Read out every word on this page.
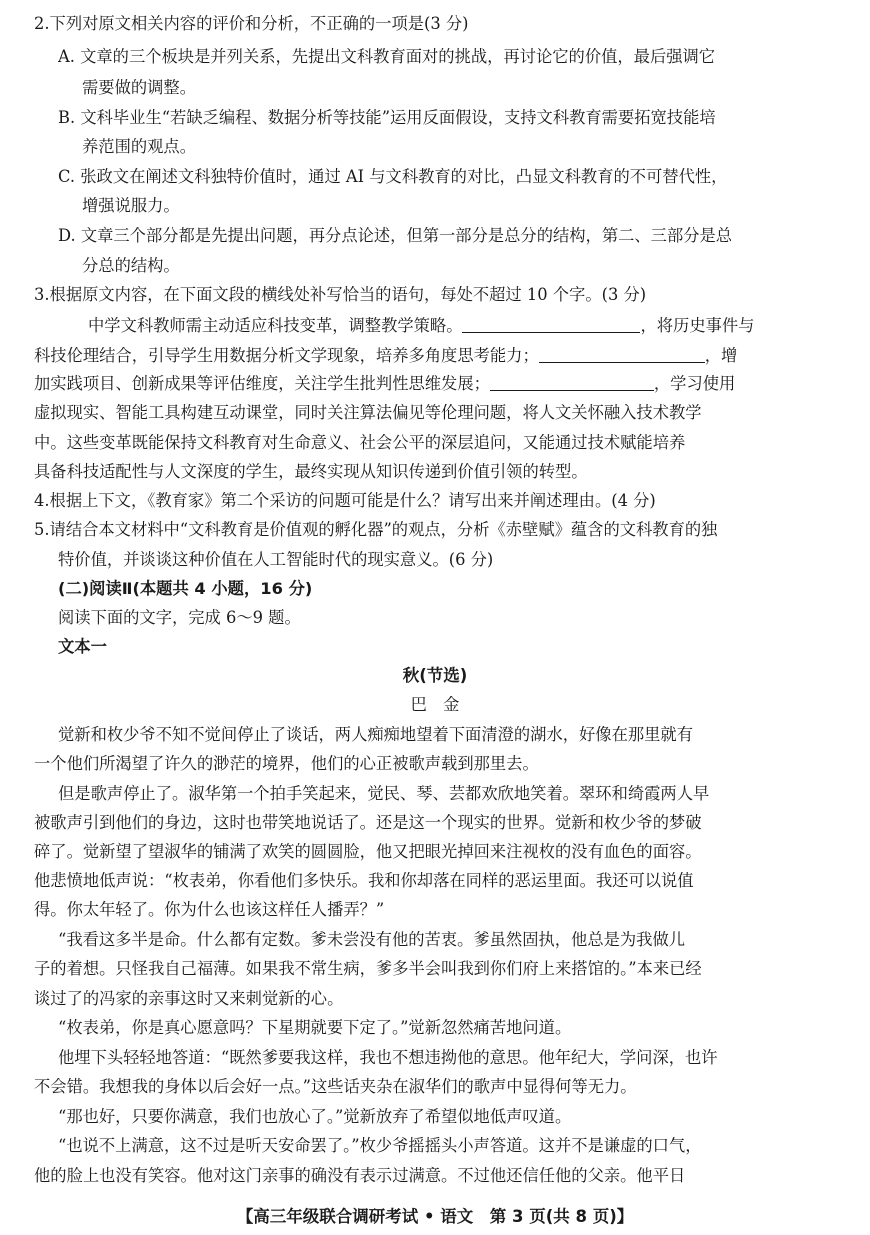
2.下列对原文相关内容的评价和分析，不正确的一项是(3 分)
A. 文章的三个板块是并列关系，先提出文科教育面对的挑战，再讨论它的价值，最后强调它
需要做的调整。
B. 文科毕业生“若缺乏编程、数据分析等技能”运用反面假设，支持文科教育需要拓宽技能培
养范围的观点。
C. 张政文在阐述文科独特价值时，通过 AI 与文科教育的对比，凸显文科教育的不可替代性，
增强说服力。
D. 文章三个部分都是先提出问题，再分点论述，但第一部分是总分的结构，第二、三部分是总
分总的结构。
3.根据原文内容，在下面文段的横线处补写恰当的语句，每处不超过 10 个字。(3 分)
中学文科教师需主动适应科技变革，调整教学策略。	，将历史事件与
科技伦理结合，引导学生用数据分析文学现象，培养多角度思考能力；	，增
加实践项目、创新成果等评估维度，关注学生批判性思维发展；	，学习使用
虚拟现实、智能工具构建互动课堂，同时关注算法偏见等伦理问题，将人文关怀融入技术教学
中。这些变革既能保持文科教育对生命意义、社会公平的深层追问，又能通过技术赋能培养
具备科技适配性与人文深度的学生，最终实现从知识传递到价值引领的转型。
4.根据上下文，《教育家》第二个采访的问题可能是什么？请写出来并阐述理由。(4 分)
5.请结合本文材料中“文科教育是价值观的孵化器”的观点，分析《赤壁赋》蕴含的文科教育的独
特价值，并谈谈这种价值在人工智能时代的现实意义。(6 分)
(二)阅读Ⅱ(本题共 4 小题，16 分)
阅读下面的文字，完成 6～9 题。
文本一
秋(节选)
巴　金
觉新和枚少爷不知不觉间停止了谈话，两人痴痴地望着下面清澄的湖水，好像在那里就有
一个他们所渴望了许久的渺茫的境界，他们的心正被歌声载到那里去。
但是歌声停止了。淑华第一个拍手笑起来，觉民、琴、芸都欢欣地笑着。翠环和绮霞两人早
被歌声引到他们的身边，这时也带笑地说话了。还是这一个现实的世界。觉新和枚少爷的梦破
碎了。觉新望了望淑华的铺满了欢笑的圆圆脸，他又把眼光掉回来注视枚的没有血色的面容。
他悲愤地低声说：“枚表弟，你看他们多快乐。我和你却落在同样的恶运里面。我还可以说值
得。你太年轻了。你为什么也该这样任人播弄？”
“我看这多半是命。什么都有定数。爹未尝没有他的苦衷。爹虽然固执，他总是为我做儿
子的着想。只怪我自己福薄。如果我不常生病，爹多半会叫我到你们府上来搭馆的。”本来已经
谈过了的冯家的亲事这时又来刺觉新的心。
“枚表弟，你是真心愿意吗？下星期就要下定了。”觉新忽然痛苦地问道。
他埋下头轻轻地答道：“既然爹要我这样，我也不想违拗他的意思。他年纪大，学问深，也许
不会错。我想我的身体以后会好一点。”这些话夹杂在淑华们的歌声中显得何等无力。
“那也好，只要你满意，我们也放心了。”觉新放弃了希望似地低声叹道。
“也说不上满意，这不过是听天安命罢了。”枚少爷摇摇头小声答道。这并不是谦虚的口气，
他的脸上也没有笑容。他对这门亲事的确没有表示过满意。不过他还信任他的父亲。他平日
【高三年级联合调研考试 • 语文　第 3 页(共 8 页)】
